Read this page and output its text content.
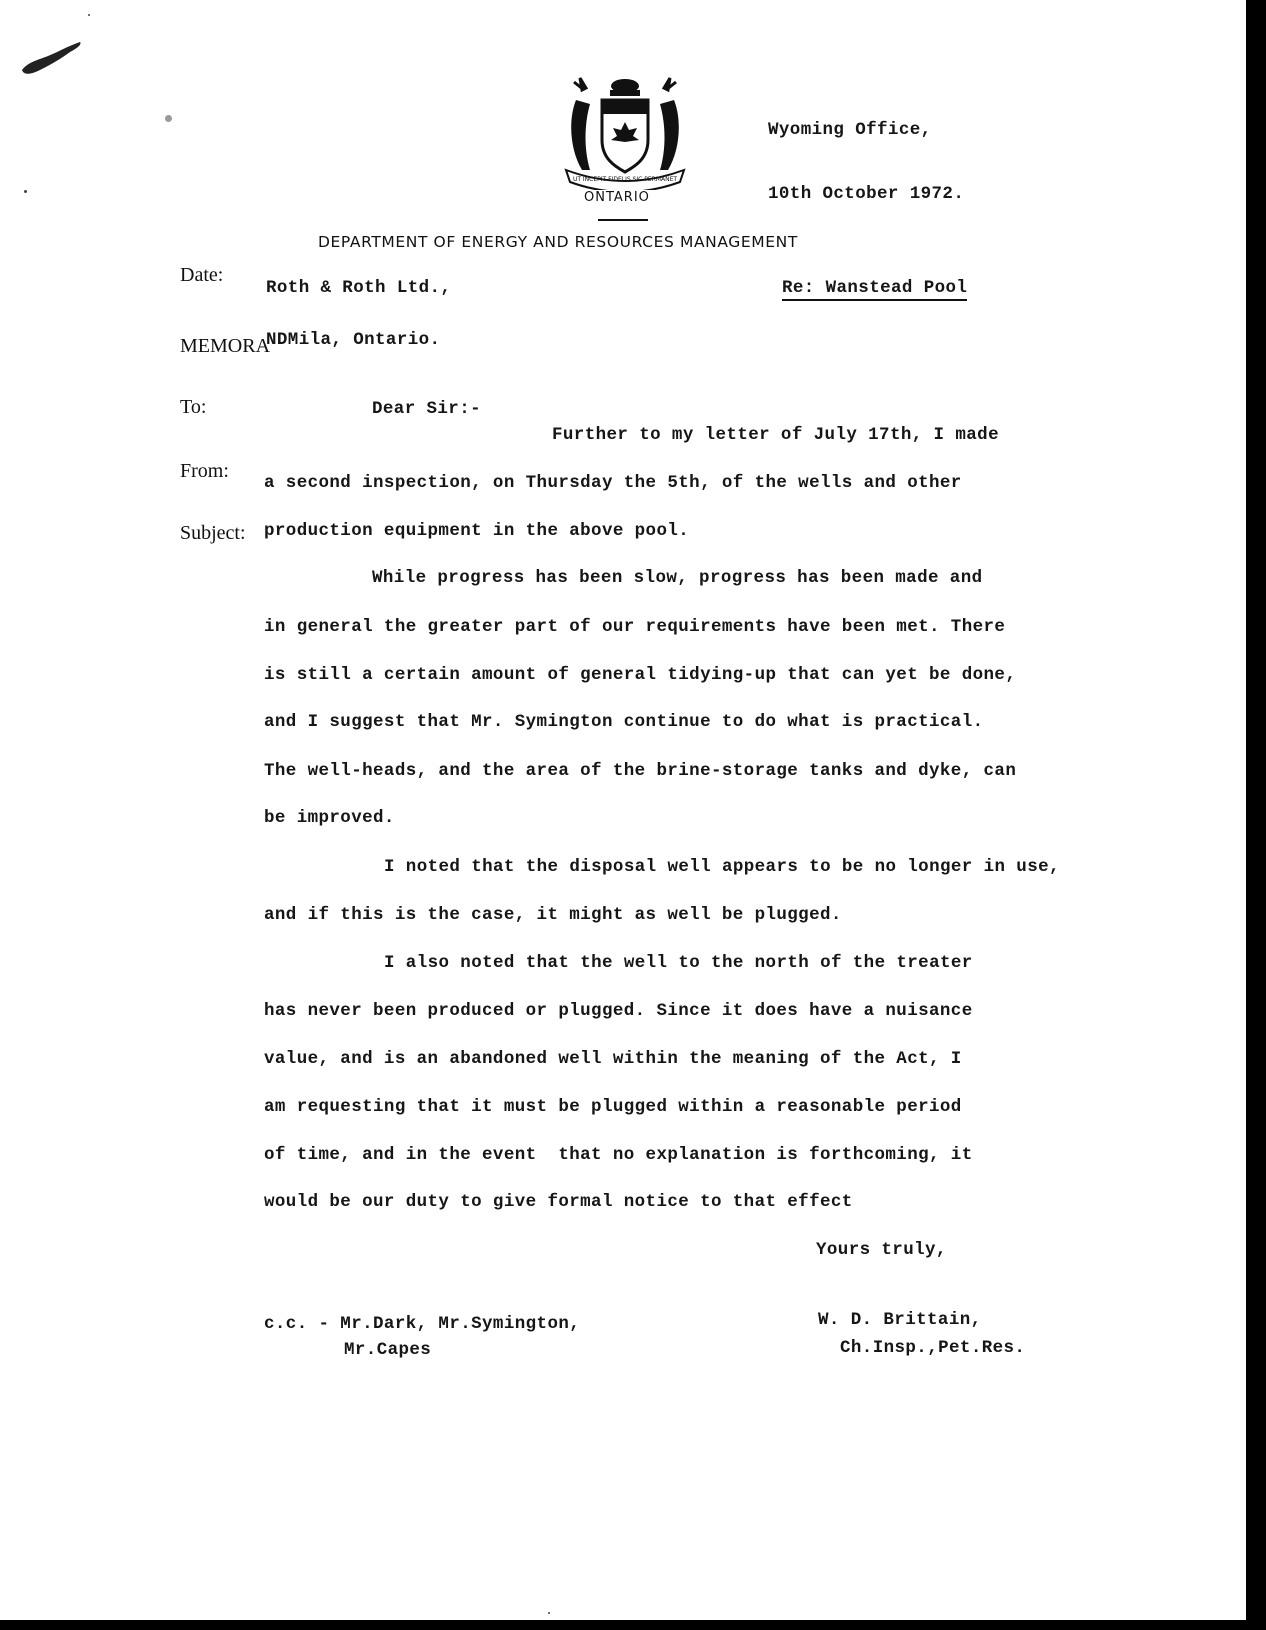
UT INCEPIT FIDELIS SIC PERMANET
ONTARIO
DEPARTMENT OF ENERGY AND RESOURCES MANAGEMENT
Date:
MEMORA
To:
From:
Subject:
Wyoming Office,
10th October 1972.
Roth & Roth Ltd.,	Re: Wanstead Pool
NDMila, Ontario.
Dear Sir:-
Further to my letter of July 17th, I made
a second inspection, on Thursday the 5th, of the wells and other
production equipment in the above pool.
While progress has been slow, progress has been made and
in general the greater part of our requirements have been met. There
is still a certain amount of general tidying-up that can yet be done,
and I suggest that Mr. Symington continue to do what is practical.
The well-heads, and the area of the brine-storage tanks and dyke, can
be improved.
I noted that the disposal well appears to be no longer in use,
and if this is the case, it might as well be plugged.
I also noted that the well to the north of the treater
has never been produced or plugged. Since it does have a nuisance
value, and is an abandoned well within the meaning of the Act, I
am requesting that it must be plugged within a reasonable period
of time, and in the event  that no explanation is forthcoming, it
would be our duty to give formal notice to that effect
Yours truly,
c.c. - Mr.Dark, Mr.Symington,
Mr.Capes
W. D. Brittain,
Ch.Insp.,Pet.Res.
